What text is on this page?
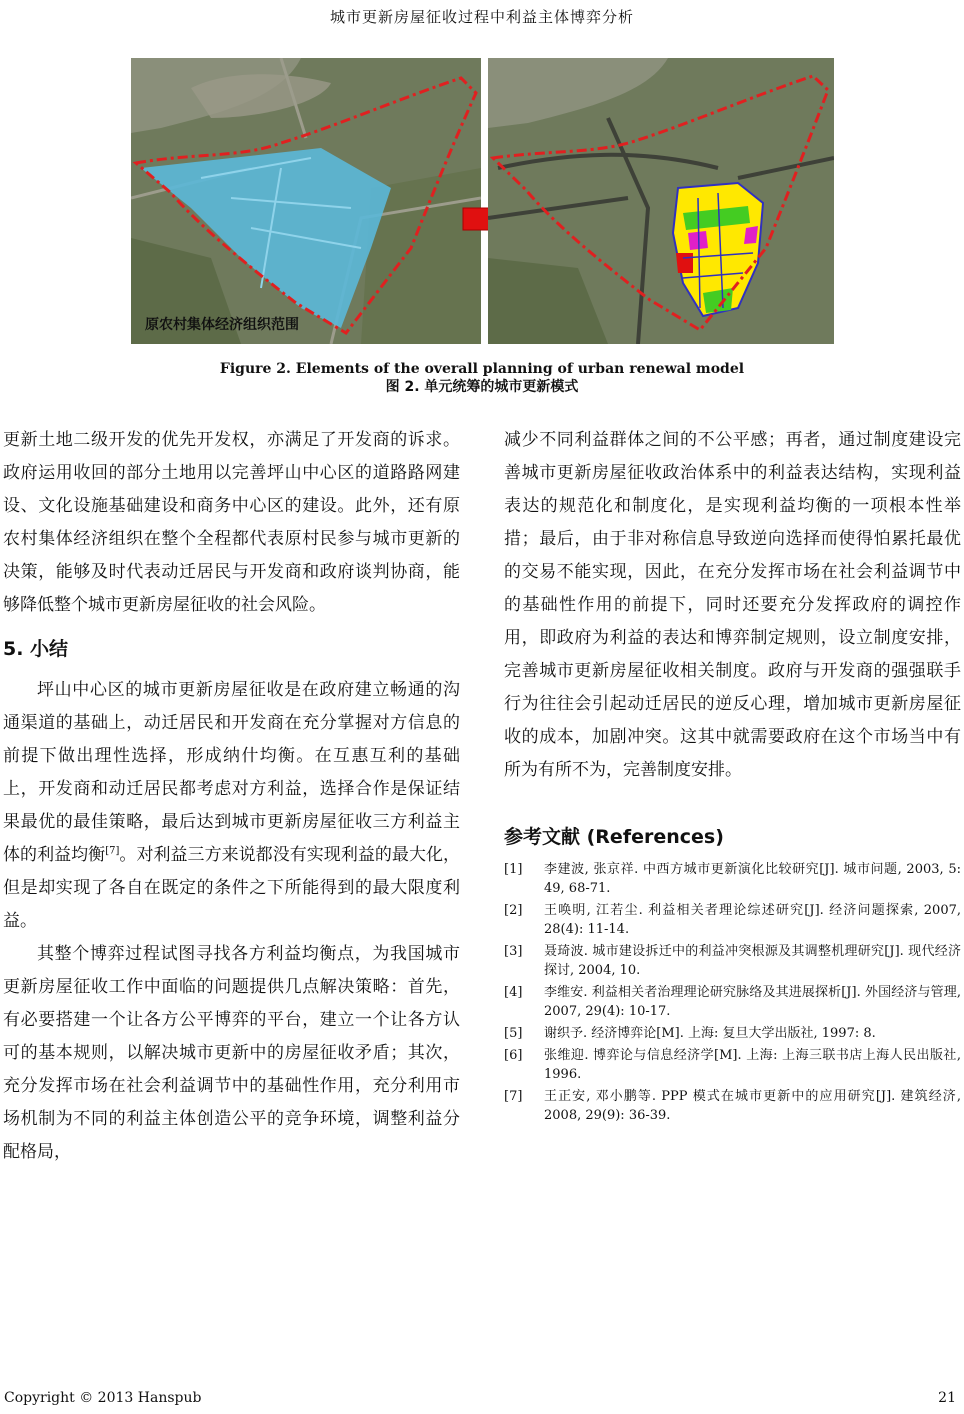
城市更新房屋征收过程中利益主体博弈分析
原农村集体经济组织范围
Figure 2. Elements of the overall planning of urban renewal model
图 2. 单元统筹的城市更新模式

更新土地二级开发的优先开发权，亦满足了开发商的诉求。政府运用收回的部分土地用以完善坪山中心区的道路路网建设、文化设施基础建设和商务中心区的建设。此外，还有原农村集体经济组织在整个全程都代表原村民参与城市更新的决策，能够及时代表动迁居民与开发商和政府谈判协商，能够降低整个城市更新房屋征收的社会风险。

5. 小结

坪山中心区的城市更新房屋征收是在政府建立畅通的沟通渠道的基础上，动迁居民和开发商在充分掌握对方信息的前提下做出理性选择，形成纳什均衡。在互惠互利的基础上，开发商和动迁居民都考虑对方利益，选择合作是保证结果最优的最佳策略，最后达到城市更新房屋征收三方利益主体的利益均衡[7]。对利益三方来说都没有实现利益的最大化，但是却实现了各自在既定的条件之下所能得到的最大限度利益。

其整个博弈过程试图寻找各方利益均衡点，为我国城市更新房屋征收工作中面临的问题提供几点解决策略：首先，有必要搭建一个让各方公平博弈的平台，建立一个让各方认可的基本规则，以解决城市更新中的房屋征收矛盾；其次，充分发挥市场在社会利益调节中的基础性作用，充分利用市场机制为不同的利益主体创造公平的竞争环境，调整利益分配格局，

减少不同利益群体之间的不公平感；再者，通过制度建设完善城市更新房屋征收政治体系中的利益表达结构，实现利益表达的规范化和制度化，是实现利益均衡的一项根本性举措；最后，由于非对称信息导致逆向选择而使得怕累托最优的交易不能实现，因此，在充分发挥市场在社会利益调节中的基础性作用的前提下，同时还要充分发挥政府的调控作用，即政府为利益的表达和博弈制定规则，设立制度安排，完善城市更新房屋征收相关制度。政府与开发商的强强联手行为往往会引起动迁居民的逆反心理，增加城市更新房屋征收的成本，加剧冲突。这其中就需要政府在这个市场当中有所为有所不为，完善制度安排。

参考文献 (References)

[1]	李建波, 张京祥. 中西方城市更新演化比较研究[J]. 城市问题, 2003, 5: 49, 68-71.
[2]	王唤明, 江若尘. 利益相关者理论综述研究[J]. 经济问题探索, 2007, 28(4): 11-14.
[3]	聂琦波. 城市建设拆迁中的利益冲突根源及其调整机理研究[J]. 现代经济探讨, 2004, 10.
[4]	李维安. 利益相关者治理理论研究脉络及其进展探析[J]. 外国经济与管理, 2007, 29(4): 10-17.
[5]	谢织予. 经济博弈论[M]. 上海: 复旦大学出版社, 1997: 8.
[6]	张维迎. 博弈论与信息经济学[M]. 上海: 上海三联书店上海人民出版社, 1996.
[7]	王正安, 邓小鹏等. PPP 模式在城市更新中的应用研究[J]. 建筑经济, 2008, 29(9): 36-39.
Copyright © 2013 Hanspub	21
